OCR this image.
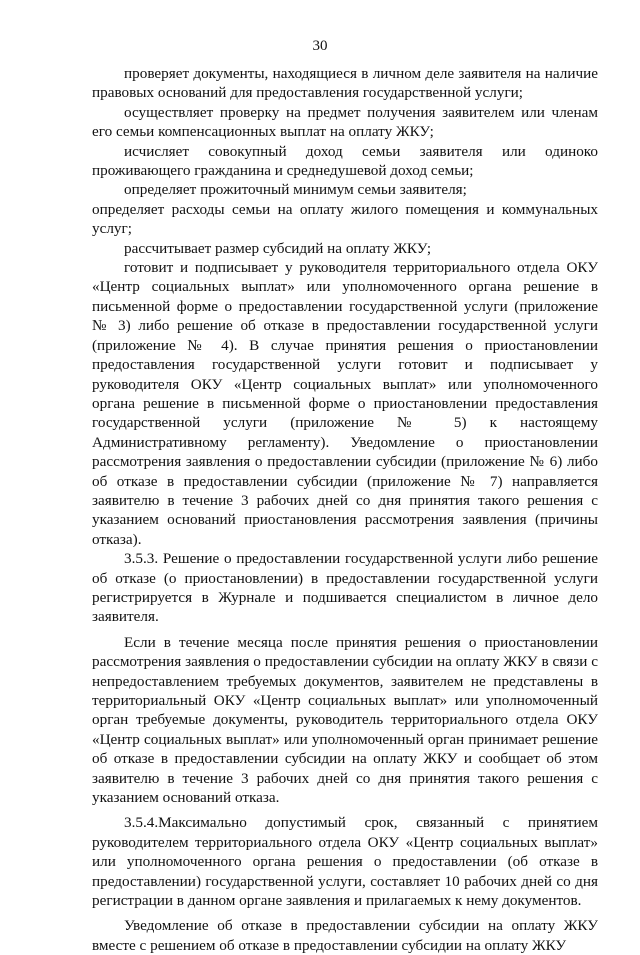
30

проверяет документы, находящиеся в личном деле заявителя на наличие правовых оснований для предоставления государственной услуги;

осуществляет проверку на предмет получения заявителем или членам его семьи компенсационных выплат на оплату ЖКУ;

исчисляет совокупный доход семьи заявителя или одиноко проживающего гражданина и среднедушевой доход семьи;

определяет прожиточный минимум семьи заявителя;

определяет расходы семьи на оплату жилого помещения и коммунальных услуг;

рассчитывает размер субсидий на оплату ЖКУ;

готовит и подписывает у руководителя территориального отдела ОКУ «Центр социальных выплат» или уполномоченного органа решение в письменной форме о предоставлении государственной услуги (приложение № 3) либо решение об отказе в предоставлении государственной услуги (приложение № 4). В случае принятия решения о приостановлении предоставления государственной услуги готовит и подписывает у руководителя ОКУ «Центр социальных выплат» или уполномоченного органа решение в письменной форме о приостановлении предоставления государственной услуги (приложение № 5) к настоящему Административному регламенту). Уведомление о приостановлении рассмотрения заявления о предоставлении субсидии (приложение № 6) либо об отказе в предоставлении субсидии (приложение № 7) направляется заявителю в течение 3 рабочих дней со дня принятия такого решения с указанием оснований приостановления рассмотрения заявления (причины отказа).

3.5.3. Решение о предоставлении государственной услуги либо решение об отказе (о приостановлении) в предоставлении государственной услуги регистрируется в Журнале и подшивается специалистом в личное дело заявителя.

Если в течение месяца после принятия решения о приостановлении рассмотрения заявления о предоставлении субсидии на оплату ЖКУ в связи с непредоставлением требуемых документов, заявителем не представлены в территориальный ОКУ «Центр социальных выплат» или уполномоченный орган требуемые документы, руководитель территориального отдела ОКУ «Центр социальных выплат» или уполномоченный орган принимает решение об отказе в предоставлении субсидии на оплату ЖКУ и сообщает об этом заявителю в течение 3 рабочих дней со дня принятия такого решения с указанием оснований отказа.

3.5.4.Максимально допустимый срок, связанный с принятием руководителем территориального отдела ОКУ «Центр социальных выплат» или уполномоченного органа решения о предоставлении (об отказе в предоставлении) государственной услуги, составляет 10 рабочих дней со дня регистрации в данном органе заявления и прилагаемых к нему документов.

Уведомление об отказе в предоставлении субсидии на оплату ЖКУ вместе с решением об отказе в предоставлении субсидии на оплату ЖКУ
